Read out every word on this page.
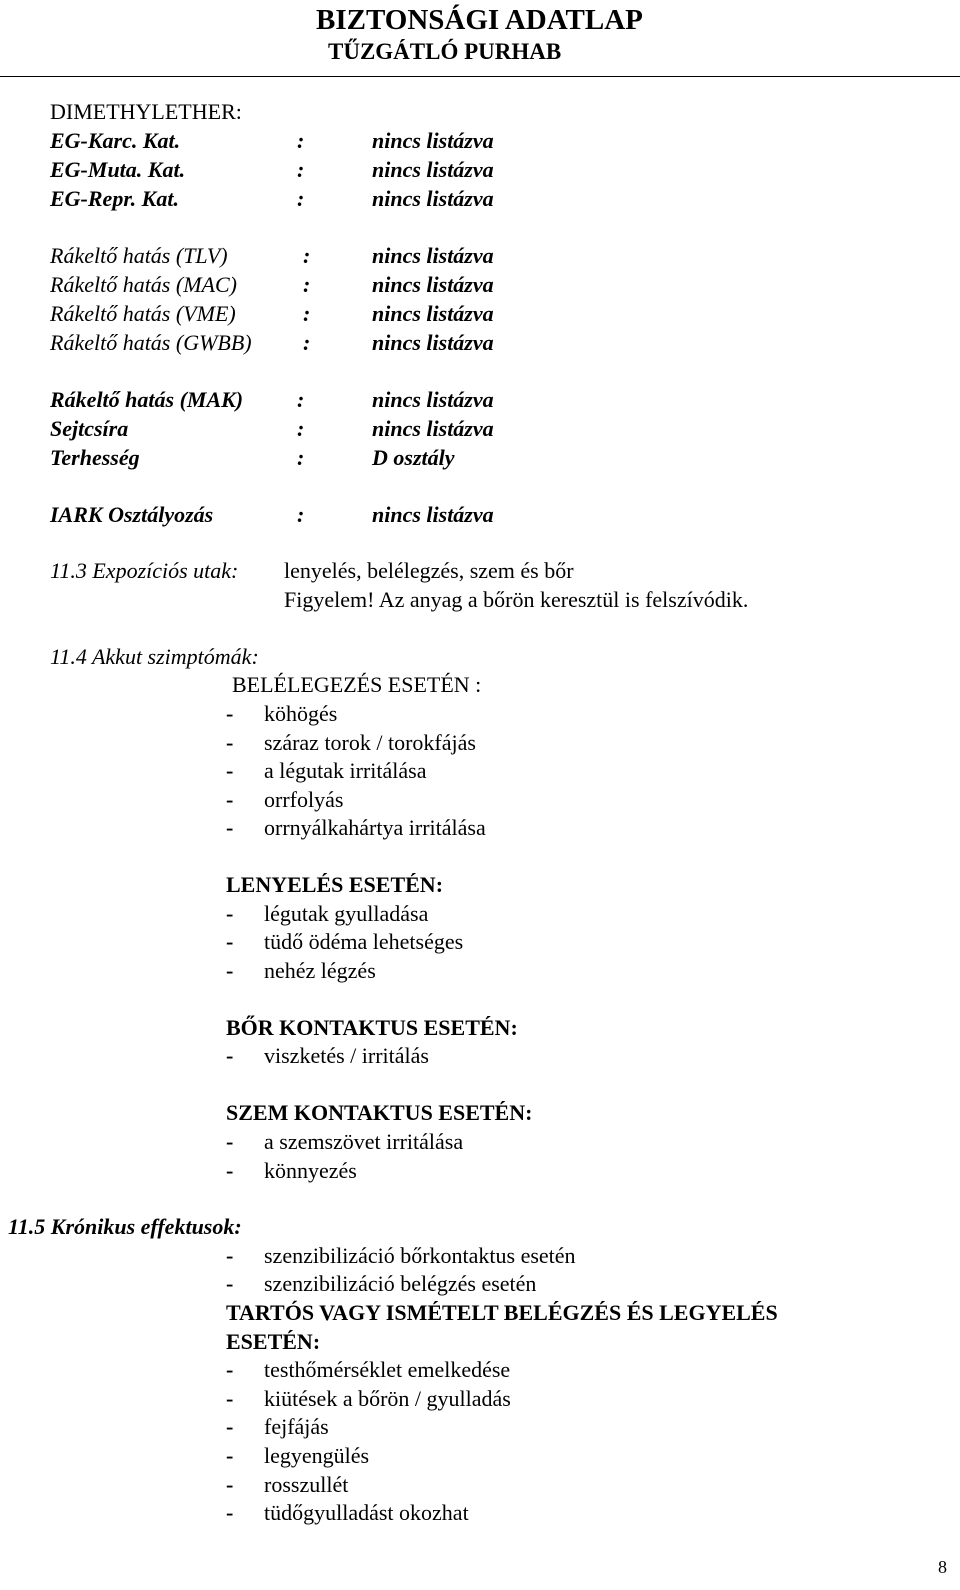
BIZTONSÁGI ADATLAP
TŰZGÁTLÓ PURHAB
DIMETHYLETHER:
EG-Karc. Kat.	:	nincs listázva
EG-Muta. Kat.	:	nincs listázva
EG-Repr. Kat.	:	nincs listázva
Rákeltő hatás (TLV)	:	nincs listázva
Rákeltő hatás (MAC)	:	nincs listázva
Rákeltő hatás (VME)	:	nincs listázva
Rákeltő hatás (GWBB) :	nincs listázva
Rákeltő hatás (MAK) :	nincs listázva
Sejtcsíra	:	nincs listázva
Terhesség	:	D osztály
IARK Osztályozás	:	nincs listázva
11.3 Expozíciós utak: lenyelés, belélegzés, szem és bőr
Figyelem! Az anyag a bőrön keresztül is felszívódik.
11.4 Akkut szimptómák:
BELÉLEGEZÉS ESETÉN :
- köhögés
- száraz torok / torokfájás
- a légutak irritálása
- orrfolyás
- orrnyálkahártya irritálása
LENYELÉS ESETÉN:
- légutak gyulladása
- tüdő ödéma lehetséges
- nehéz légzés
BŐR KONTAKTUS ESETÉN:
- viszketés / irritálás
SZEM KONTAKTUS ESETÉN:
- a szemszövet irritálása
- könnyezés
11.5 Krónikus effektusok:
- szenzibilizáció bőrkontaktus esetén
- szenzibilizáció belégzés esetén
TARTÓS VAGY ISMÉTELT BELÉGZÉS ÉS LEGYELÉS
ESETÉN:
- testhőmérséklet emelkedése
- kiütések a bőrön / gyulladás
- fejfájás
- legyengülés
- rosszullét
- tüdőgyulladást okozhat
8
